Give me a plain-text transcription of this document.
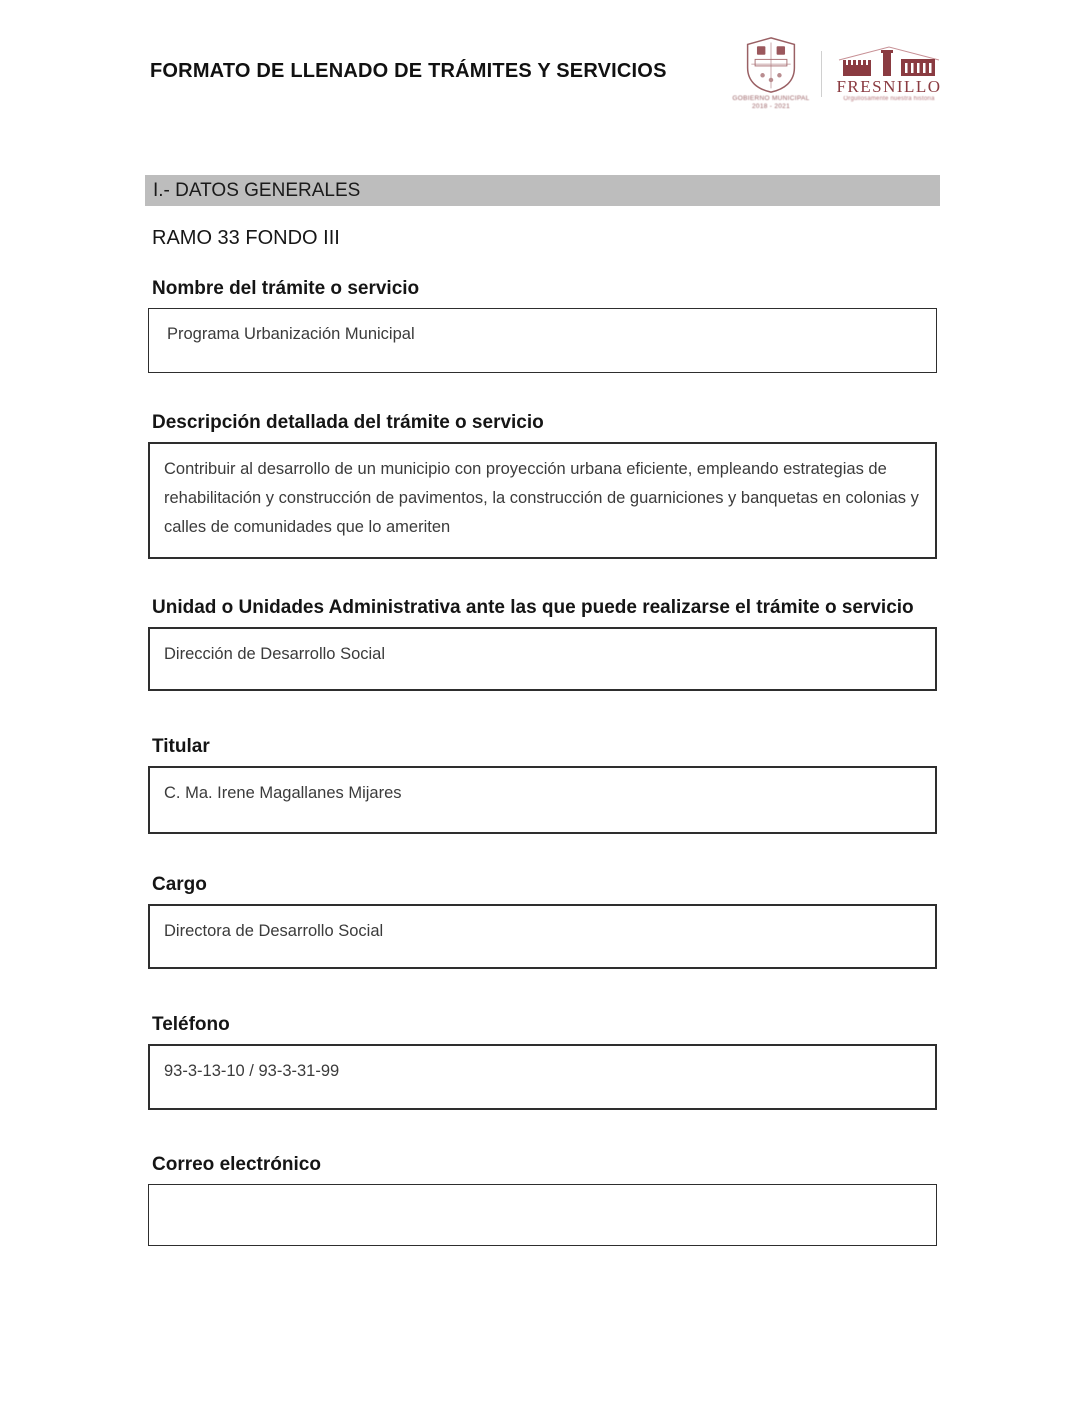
FORMATO DE LLENADO DE TRÁMITES Y SERVICIOS
GOBIERNO MUNICIPAL
2018 - 2021
FRESNILLO
Orgullosamente nuestra historia
I.- DATOS GENERALES
RAMO 33 FONDO III
Nombre del trámite o servicio
Programa Urbanización Municipal
Descripción detallada del trámite o servicio
Contribuir al desarrollo de un municipio con proyección urbana eficiente, empleando estrategias de rehabilitación y construcción de pavimentos, la construcción de guarniciones y banquetas en colonias y calles de comunidades que lo ameriten
Unidad o Unidades Administrativa ante las que puede realizarse el trámite o servicio
Dirección de Desarrollo Social
Titular
C. Ma. Irene Magallanes Mijares
Cargo
Directora de Desarrollo Social
Teléfono
93-3-13-10 / 93-3-31-99
Correo electrónico
